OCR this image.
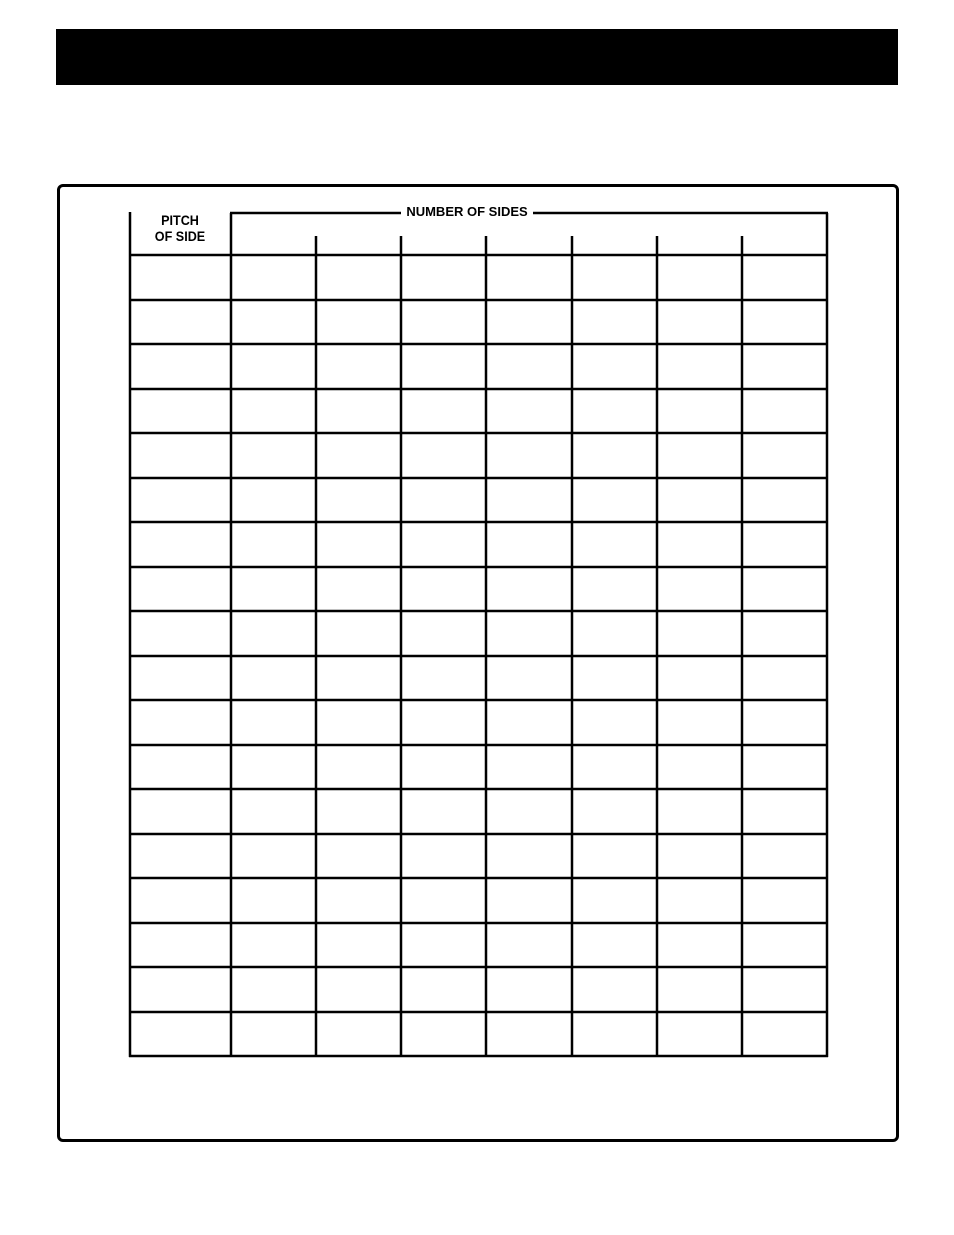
PITCH
OF SIDE
NUMBER OF SIDES
